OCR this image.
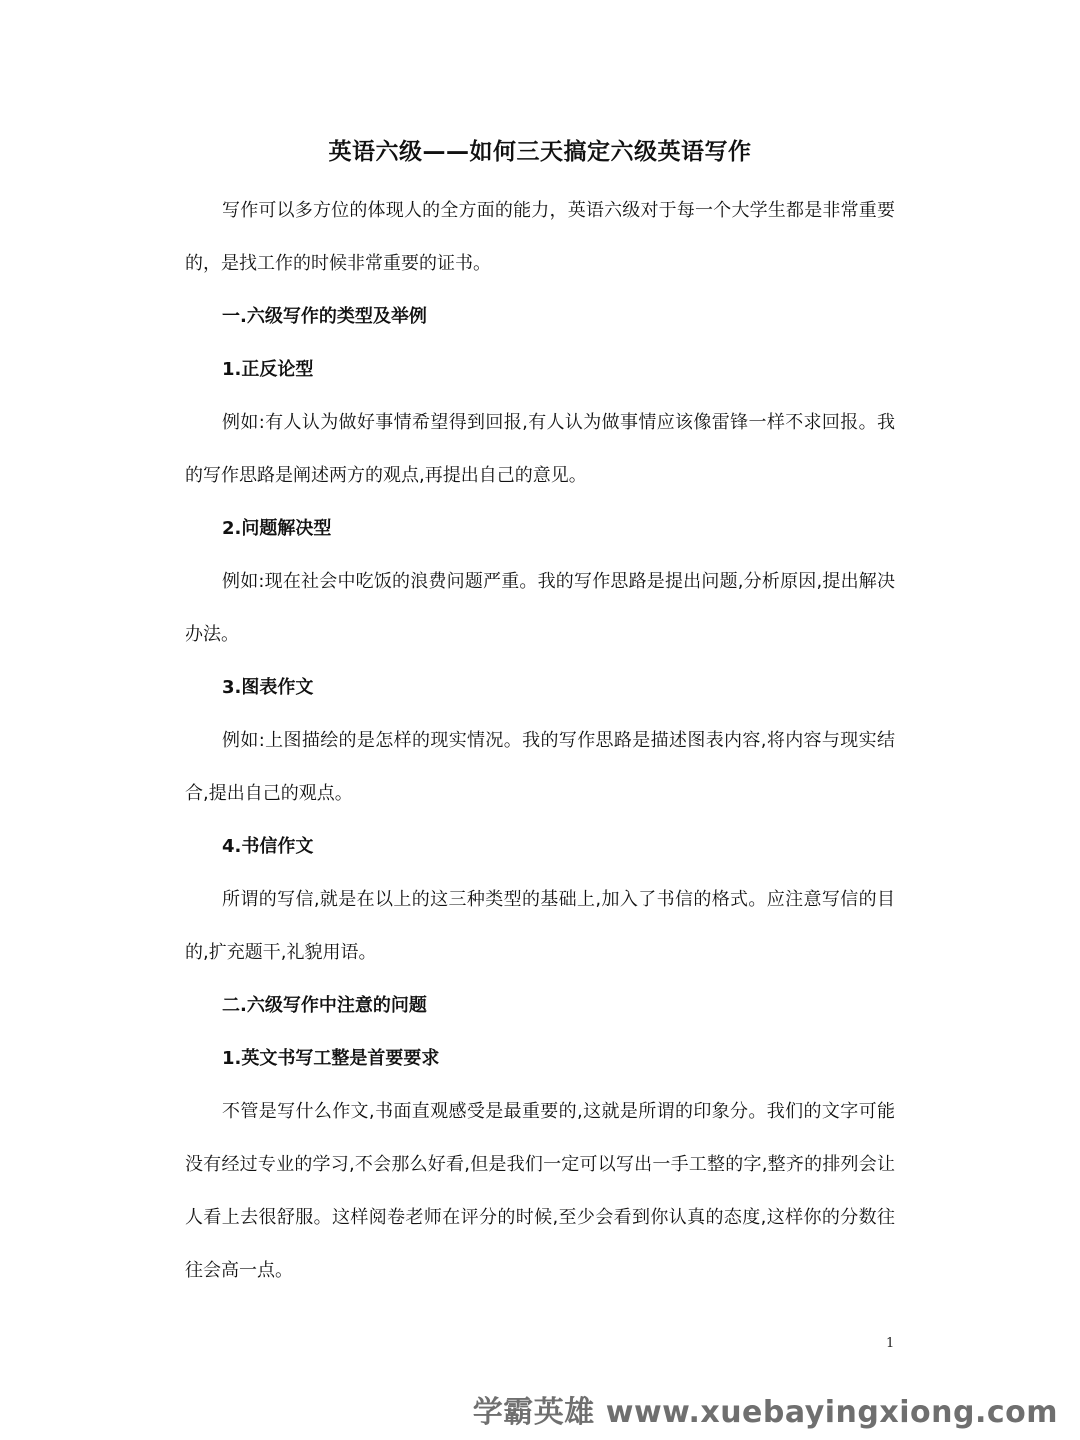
英语六级——如何三天搞定六级英语写作

写作可以多方位的体现人的全方面的能力，英语六级对于每一个大学生都是非常重要的，是找工作的时候非常重要的证书。

一.六级写作的类型及举例

1.正反论型

例如:有人认为做好事情希望得到回报,有人认为做事情应该像雷锋一样不求回报。我的写作思路是阐述两方的观点,再提出自己的意见。

2.问题解决型

例如:现在社会中吃饭的浪费问题严重。我的写作思路是提出问题,分析原因,提出解决办法。

3.图表作文

例如:上图描绘的是怎样的现实情况。我的写作思路是描述图表内容,将内容与现实结合,提出自己的观点。

4.书信作文

所谓的写信,就是在以上的这三种类型的基础上,加入了书信的格式。应注意写信的目的,扩充题干,礼貌用语。

二.六级写作中注意的问题

1.英文书写工整是首要要求

不管是写什么作文,书面直观感受是最重要的,这就是所谓的印象分。我们的文字可能没有经过专业的学习,不会那么好看,但是我们一定可以写出一手工整的字,整齐的排列会让人看上去很舒服。这样阅卷老师在评分的时候,至少会看到你认真的态度,这样你的分数往往会高一点。

1
学霸英雄 www.xuebayingxiong.com
